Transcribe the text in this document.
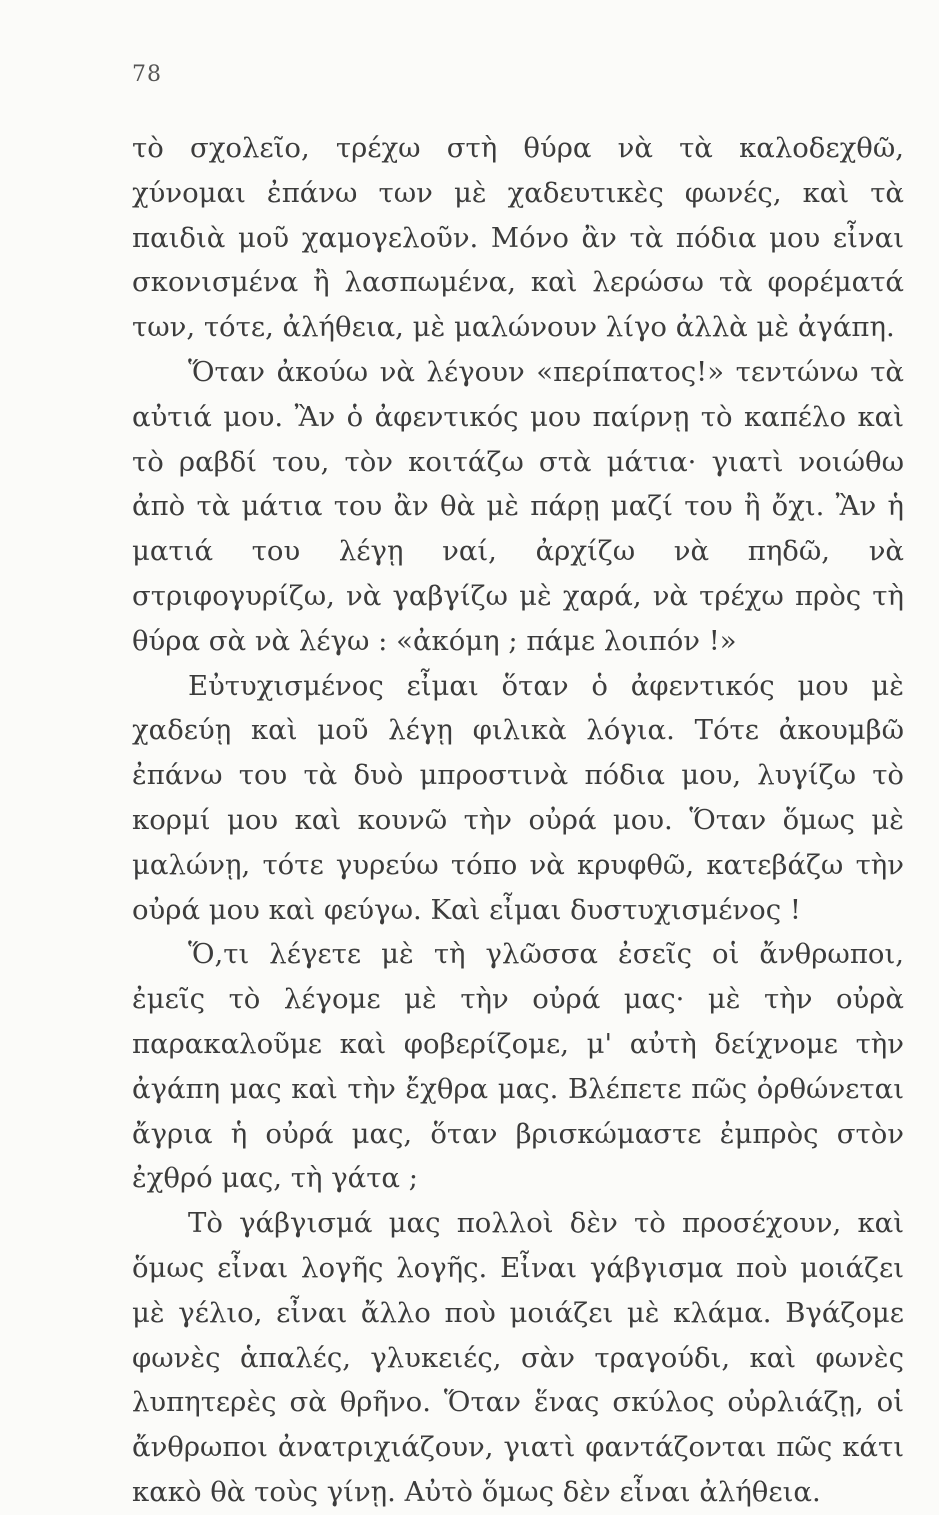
78

τὸ σχολεῖο, τρέχω στὴ θύρα νὰ τὰ καλοδεχθῶ, χύνομαι ἐπάνω των μὲ χαδευτικὲς φωνές, καὶ τὰ παιδιὰ μοῦ χαμογελοῦν. Μόνο ἂν τὰ πόδια μου εἶναι σκονισμένα ἢ λασπωμένα, καὶ λερώσω τὰ φορέματά των, τότε, ἀλήθεια, μὲ μαλώνουν λίγο ἀλλὰ μὲ ἀγάπη.

Ὅταν ἀκούω νὰ λέγουν «περίπατος!» τεντώνω τὰ αὐτιά μου. Ἂν ὁ ἀφεντικός μου παίρνῃ τὸ καπέλο καὶ τὸ ραβδί του, τὸν κοιτάζω στὰ μάτια· γιατὶ νοιώθω ἀπὸ τὰ μάτια του ἂν θὰ μὲ πάρῃ μαζί του ἢ ὄχι. Ἂν ἡ ματιά του λέγῃ ναί, ἀρχίζω νὰ πηδῶ, νὰ στριφογυρίζω, νὰ γαβγίζω μὲ χαρά, νὰ τρέχω πρὸς τὴ θύρα σὰ νὰ λέγω : «ἀκόμη ; πάμε λοιπόν !»

Εὐτυχισμένος εἶμαι ὅταν ὁ ἀφεντικός μου μὲ χαδεύῃ καὶ μοῦ λέγῃ φιλικὰ λόγια. Τότε ἀκουμβῶ ἐπάνω του τὰ δυὸ μπροστινὰ πόδια μου, λυγίζω τὸ κορμί μου καὶ κουνῶ τὴν οὐρά μου. Ὅταν ὅμως μὲ μαλώνῃ, τότε γυρεύω τόπο νὰ κρυφθῶ, κατεβάζω τὴν οὐρά μου καὶ φεύγω. Καὶ εἶμαι δυστυχισμένος !

Ὅ,τι λέγετε μὲ τὴ γλῶσσα ἐσεῖς οἱ ἄνθρωποι, ἐμεῖς τὸ λέγομε μὲ τὴν οὐρά μας· μὲ τὴν οὐρὰ παρακαλοῦμε καὶ φοβερίζομε, μ' αὐτὴ δείχνομε τὴν ἀγάπη μας καὶ τὴν ἔχθρα μας. Βλέπετε πῶς ὀρθώνεται ἄγρια ἡ οὐρά μας, ὅταν βρισκώμαστε ἐμπρὸς στὸν ἐχθρό μας, τὴ γάτα ;

Τὸ γάβγισμά μας πολλοὶ δὲν τὸ προσέχουν, καὶ ὅμως εἶναι λογῆς λογῆς. Εἶναι γάβγισμα ποὺ μοιάζει μὲ γέλιο, εἶναι ἄλλο ποὺ μοιάζει μὲ κλάμα. Βγάζομε φωνὲς ἁπαλές, γλυκειές, σὰν τραγούδι, καὶ φωνὲς λυπητερὲς σὰ θρῆνο. Ὅταν ἕνας σκύλος οὐρλιάζῃ, οἱ ἄνθρωποι ἀνατριχιάζουν, γιατὶ φαντάζονται πῶς κάτι κακὸ θὰ τοὺς γίνῃ. Αὐτὸ ὅμως δὲν εἶναι ἀλήθεια.
